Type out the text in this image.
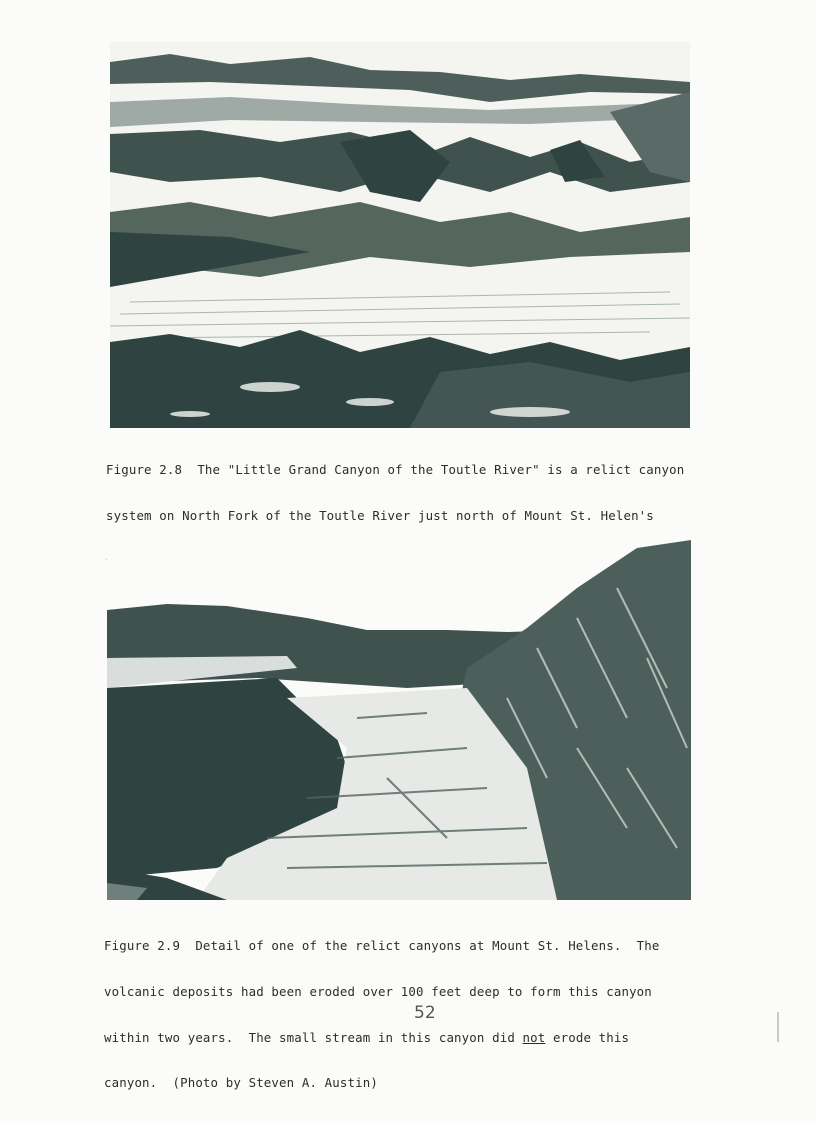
Figure 2.8  The "Little Grand Canyon of the Toutle River" is a relict canyon

system on North Fork of the Toutle River just north of Mount St. Helen's

Figure 2.9  Detail of one of the relict canyons at Mount St. Helens.  The

volcanic deposits had been eroded over 100 feet deep to form this canyon

within two years.  The small stream in this canyon did not erode this

canyon.  (Photo by Steven A. Austin)

52
